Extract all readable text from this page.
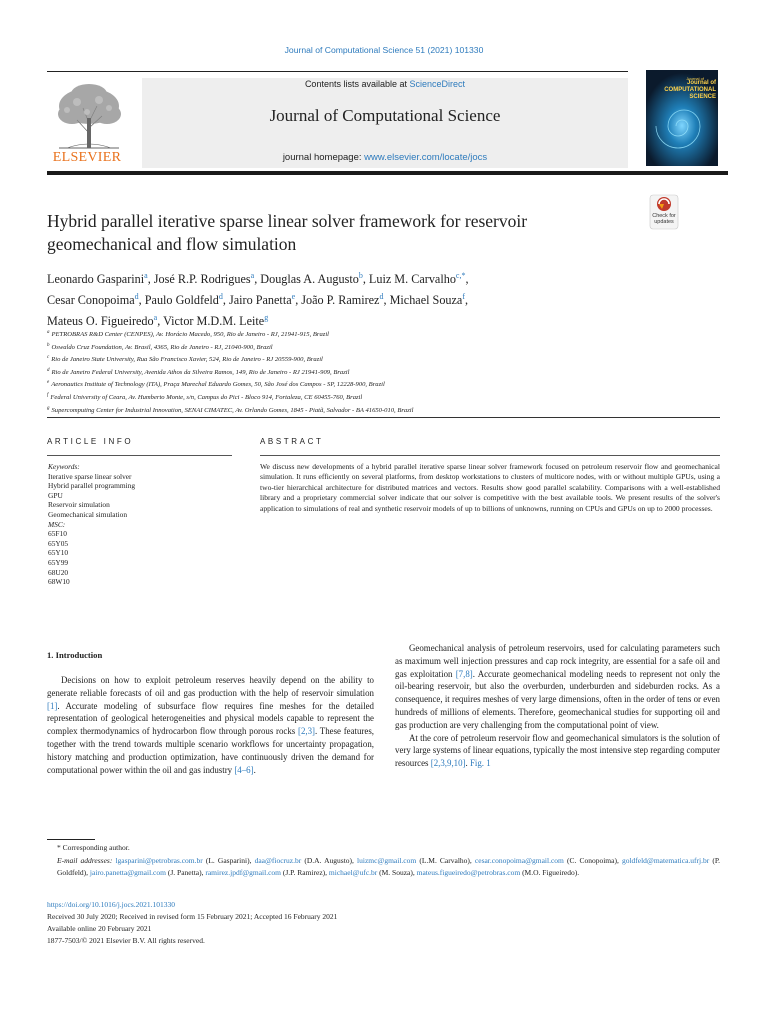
Journal of Computational Science 51 (2021) 101330
Contents lists available at ScienceDirect
Journal of Computational Science
journal homepage: www.elsevier.com/locate/jocs
ELSEVIER
Journal of
Journal of COMPUTATIONAL SCIENCE
Check for updates
Hybrid parallel iterative sparse linear solver framework for reservoir geomechanical and flow simulation
Leonardo Gasparini$^a$, José R.P. Rodrigues$^a$, Douglas A. Augusto$^b$, Luiz M. Carvalho$^{c,*}$,
Cesar Conopoima$^d$, Paulo Goldfeld$^d$, Jairo Panetta$^e$, João P. Ramirez$^d$, Michael Souza$^f$,
Mateus O. Figueiredo$^a$, Victor M.D.M. Leite$^g$
$^a$ PETROBRAS R&D Center (CENPES), Av. Horácio Macedo, 950, Rio de Janeiro - RJ, 21941-915, Brazil
$^b$ Oswaldo Cruz Foundation, Av. Brasil, 4365, Rio de Janeiro - RJ, 21040-900, Brazil
$^c$ Rio de Janeiro State University, Rua São Francisco Xavier, 524, Rio de Janeiro - RJ 20559-900, Brazil
$^d$ Rio de Janeiro Federal University, Avenida Athos da Silveira Ramos, 149, Rio de Janeiro - RJ 21941-909, Brazil
$^e$ Aeronautics Institute of Technology (ITA), Praça Marechal Eduardo Gomes, 50, São José dos Campos - SP, 12228-900, Brazil
$^f$ Federal University of Ceara, Av. Humberto Monte, s/n, Campus do Pici - Bloco 914, Fortaleza, CE 60455-760, Brazil
$^g$ Supercomputing Center for Industrial Innovation, SENAI CIMATEC, Av. Orlando Gomes, 1845 - Piatã, Salvador - BA 41650-010, Brazil
ARTICLE INFO
Keywords:
Iterative sparse linear solver
Hybrid parallel programming
GPU
Reservoir simulation
Geomechanical simulation
MSC:
65F10
65Y05
65Y10
65Y99
68U20
68W10
ABSTRACT
We discuss new developments of a hybrid parallel iterative sparse linear solver framework focused on petroleum reservoir flow and geomechanical simulation. It runs efficiently on several platforms, from desktop workstations to clusters of multicore nodes, with or without multiple GPUs, using a two-tier hierarchical architecture for distributed matrices and vectors. Results show good parallel scalability. Comparisons with a well-established library and a proprietary commercial solver indicate that our solver is competitive with the best available tools. We present results of the solver's application to simulations of real and synthetic reservoir models of up to billions of unknowns, running on CPUs and GPUs on up to 2000 processes.
1. Introduction

Decisions on how to exploit petroleum reserves heavily depend on the ability to generate reliable forecasts of oil and gas production with the help of reservoir simulation [1]. Accurate modeling of subsurface flow requires fine meshes for the detailed representation of geological heterogeneities and physical models capable to represent the complex thermodynamics of hydrocarbon flow through porous rocks [2,3]. These features, together with the trend towards multiple scenario workflows for uncertainty propagation, history matching and production optimization, have continuously driven the demand for computational power within the oil and gas industry [4–6].

Geomechanical analysis of petroleum reservoirs, used for calculating parameters such as maximum well injection pressures and cap rock integrity, are essential for a safe oil and gas exploitation [7,8]. Accurate geomechanical modeling needs to represent not only the oil-bearing reservoir, but also the overburden, underburden and sideburden rocks. As a consequence, it requires meshes of very large dimensions, often in the order of tens or even hundreds of millions of elements. Therefore, geomechanical studies for supporting oil and gas production are very challenging from the computational point of view.

At the core of petroleum reservoir flow and geomechanical simulators is the solution of very large systems of linear equations, typically the most intensive step regarding computer resources [2,3,9,10]. Fig. 1

* Corresponding author.
E-mail addresses: lgasparini@petrobras.com.br (L. Gasparini), daa@fiocruz.br (D.A. Augusto), luizmc@gmail.com (L.M. Carvalho), cesar.conopoima@gmail.com (C. Conopoima), goldfeld@matematica.ufrj.br (P. Goldfeld), jairo.panetta@gmail.com (J. Panetta), ramirez.jpdf@gmail.com (J.P. Ramirez), michael@ufc.br (M. Souza), mateus.figueiredo@petrobras.com (M.O. Figueiredo).
https://doi.org/10.1016/j.jocs.2021.101330
Received 30 July 2020; Received in revised form 15 February 2021; Accepted 16 February 2021
Available online 20 February 2021
1877-7503/© 2021 Elsevier B.V. All rights reserved.
